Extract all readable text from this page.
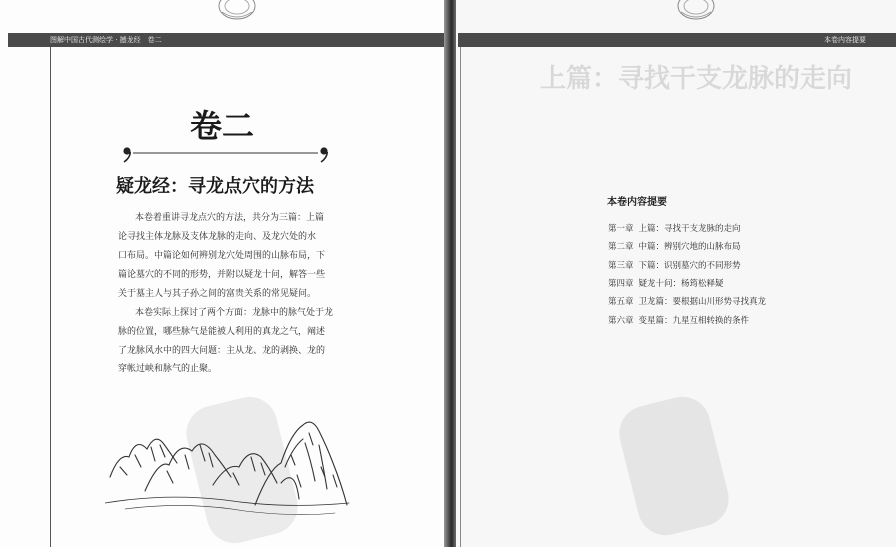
图解中国古代测绘学 · 撼龙经　卷二
卷二
疑龙经：寻龙点穴的方法
本卷着重讲寻龙点穴的方法，共分为三篇：上篇
论寻找主体龙脉及支体龙脉的走向、及龙穴处的水
口布局。中篇论如何辨别龙穴处周围的山脉布局，下
篇论墓穴的不同的形势，并附以疑龙十问，解答一些
关于墓主人与其子孙之间的富贵关系的常见疑问。
本卷实际上探讨了两个方面：龙脉中的脉气处于龙
脉的位置，哪些脉气是能被人利用的真龙之气，阐述
了龙脉风水中的四大问题：主从龙、龙的剥换、龙的
穿帐过峡和脉气的止聚。
本卷内容提要
上篇：寻找干支龙脉的走向
本卷内容提要
第一章 上篇：寻找干支龙脉的走向
第二章 中篇：辨别穴地的山脉布局
第三章 下篇：识别墓穴的不同形势
第四章 疑龙十问：杨筠松释疑
第五章 卫龙篇：要根据山川形势寻找真龙
第六章 变星篇：九星互相转换的条件
